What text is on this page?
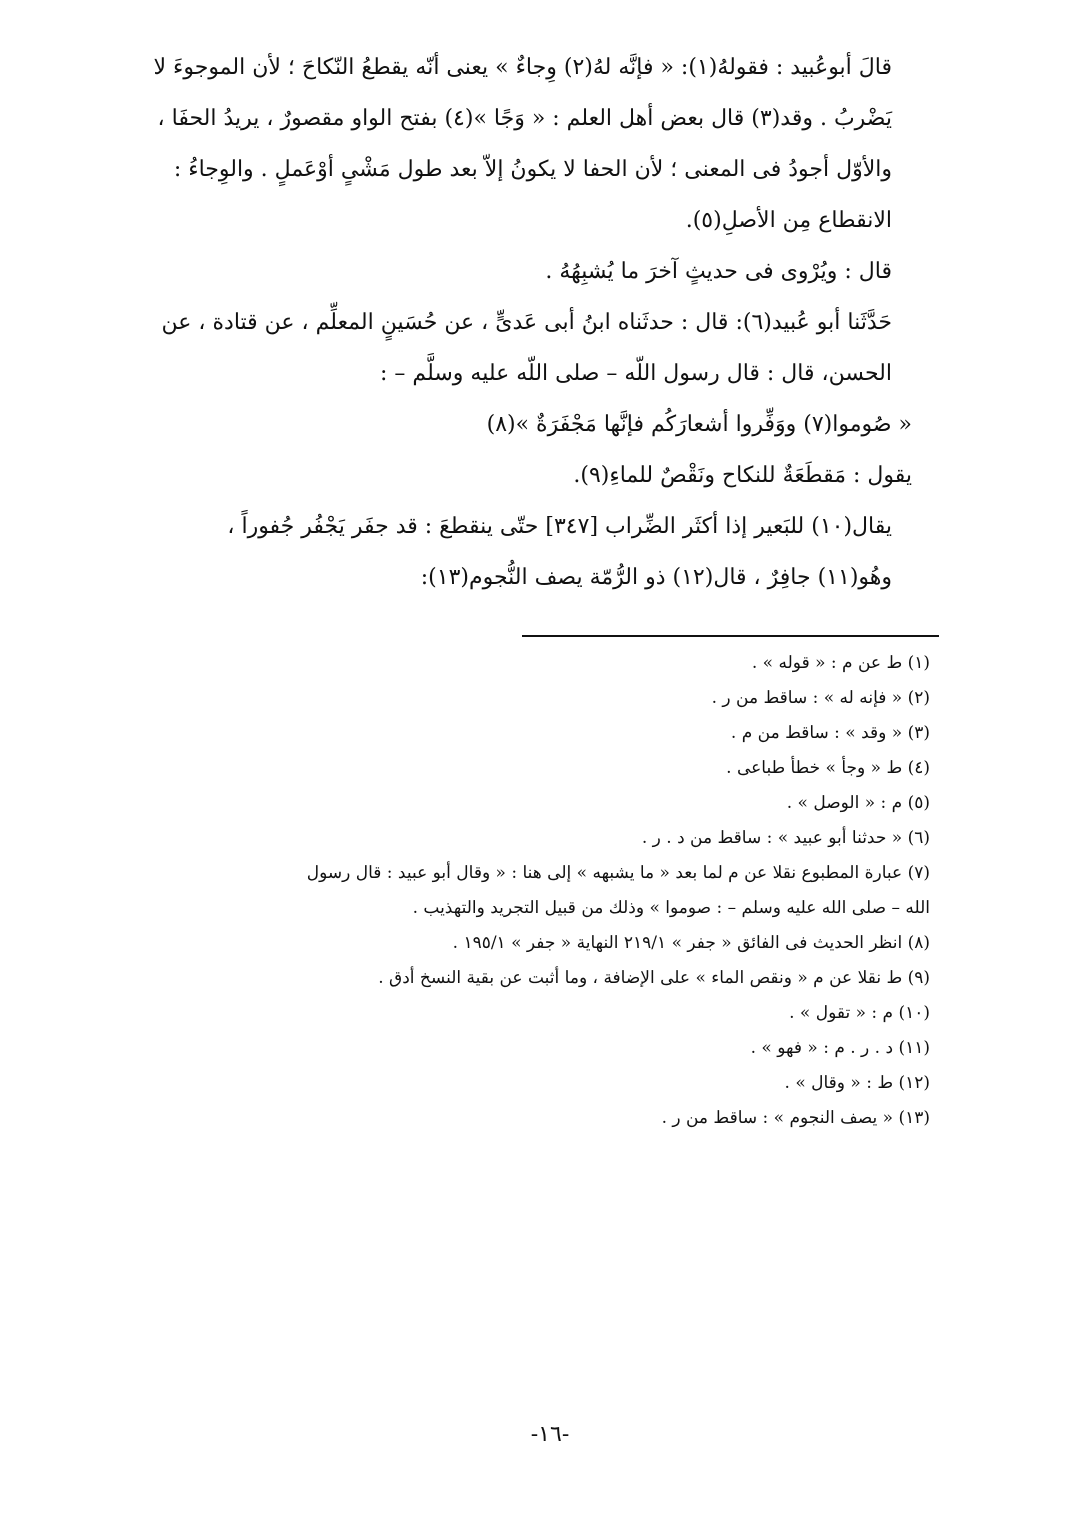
قالَ أبوعُبيد : فقولهُ(١): « فإنَّه لهُ(٢) وِجاءٌ » يعنى أنّه يقطعُ النّكاحَ ؛ لأن الموجوءَ لا يَضْربُ . وقد(٣) قال بعض أهل العلم : « وَجًا »(٤) بفتح الواو مقصورٌ ، يريدُ الحفَا ، والأوّل أجودُ فى المعنى ؛ لأن الحفا لا يكونُ إلاّ بعد طول مَشْىٍ أوْعَملٍ . والوِجاءُ : الانقطاع مِن الأصلِ(٥).

قال : ويُرْوى فى حديثٍ آخرَ ما يُشبِهُهُ .

حَدَّثَنا أبو عُبيد(٦): قال : حدثَناه ابنُ أبى عَدىٍّ ، عن حُسَينٍ المعلِّم ، عن قتادة ، عن الحسن، قال : قال رسول اللّه – صلى اللّه عليه وسلَّم – :

« صُوموا(٧) ووَفِّروا أشعارَكُم فإنَّها مَجْفَرَةٌ »(٨)

يقول : مَقطَعَةٌ للنكاح ونَقْصٌ للماءِ(٩).

يقال(١٠) للبَعير إذا أكثَر الضِّراب [٣٤٧] حتّى ينقطعَ : قد جفَر يَجْفُر جُفوراً ، وهُو(١١) جافِرٌ ، قال(١٢) ذو الرُّمّة يصف النُّجوم(١٣):

(١) ط عن م : « قوله » .

(٢) « فإنه له » : ساقط من ر .

(٣) « وقد » : ساقط من م .

(٤) ط « وجأ » خطأ طباعى .

(٥) م : « الوصل » .

(٦) « حدثنا أبو عبيد » : ساقط من د . ر .

(٧) عبارة المطبوع نقلا عن م لما بعد « ما يشبهه » إلى هنا : « وقال أبو عبيد : قال رسول

الله – صلى الله عليه وسلم – : صوموا » وذلك من قبيل التجريد والتهذيب .

(٨) انظر الحديث فى الفائق « جفر » ٢١٩/١ النهاية « جفر » ١٩٥/١ .

(٩) ط نقلا عن م « ونقص الماء » على الإضافة ، وما أثبت عن بقية النسخ أدق .

(١٠) م : « تقول » .

(١١) د . ر . م : « فهو » .

(١٢) ط : « وقال » .

(١٣) « يصف النجوم » : ساقط من ر .

-١٦-
